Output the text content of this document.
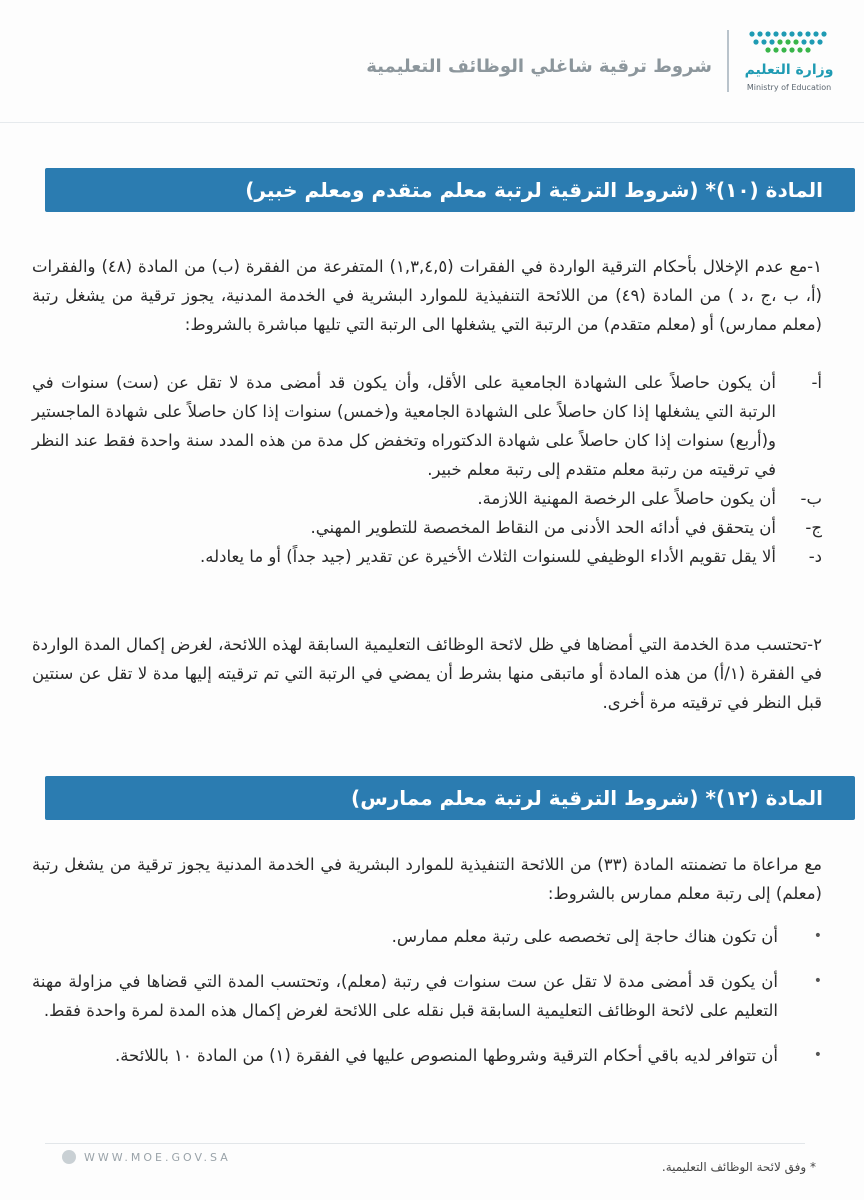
وزارة التعليم
Ministry of Education
شروط ترقية شاغلي الوظائف التعليمية
المادة (١٠)* (شروط الترقية لرتبة معلم متقدم ومعلم خبير)
١-مع عدم الإخلال بأحكام الترقية الواردة في الفقرات (١,٣,٤,٥) المتفرعة من الفقرة (ب) من المادة (٤٨) والفقرات (أ، ب ،ج ،د ) من المادة (٤٩) من اللائحة التنفيذية للموارد البشرية في الخدمة المدنية، يجوز ترقية من يشغل رتبة (معلم ممارس) أو (معلم متقدم) من الرتبة التي يشغلها الى الرتبة التي تليها مباشرة بالشروط:
أ-
أن يكون حاصلاً على الشهادة الجامعية على الأقل، وأن يكون قد أمضى مدة لا تقل عن (ست) سنوات في الرتبة التي يشغلها إذا كان حاصلاً على الشهادة الجامعية و(خمس) سنوات إذا كان حاصلاً على شهادة الماجستير و(أربع) سنوات إذا كان حاصلاً على شهادة الدكتوراه وتخفض كل مدة من هذه المدد سنة واحدة فقط عند النظر في ترقيته من رتبة معلم متقدم إلى رتبة معلم خبير.
ب-
أن يكون حاصلاً على الرخصة المهنية اللازمة.
ج-
أن يتحقق في أدائه الحد الأدنى من النقاط المخصصة للتطوير المهني.
د-
ألا يقل تقويم الأداء الوظيفي للسنوات الثلاث الأخيرة عن تقدير (جيد جداً) أو ما يعادله.
٢-تحتسب مدة الخدمة التي أمضاها في ظل لائحة الوظائف التعليمية السابقة لهذه اللائحة، لغرض إكمال المدة الواردة في الفقرة (١/أ) من هذه المادة أو ماتبقى منها بشرط أن يمضي في الرتبة التي تم ترقيته إليها مدة لا تقل عن سنتين قبل النظر في ترقيته مرة أخرى.
المادة (١٢)* (شروط الترقية لرتبة معلم ممارس)
مع مراعاة ما تضمنته المادة (٣٣) من اللائحة التنفيذية للموارد البشرية في الخدمة المدنية يجوز ترقية من يشغل رتبة (معلم) إلى رتبة معلم ممارس بالشروط:
•
أن تكون هناك حاجة إلى تخصصه على رتبة معلم ممارس.
•
أن يكون قد أمضى مدة لا تقل عن ست سنوات في رتبة (معلم)، وتحتسب المدة التي قضاها في مزاولة مهنة التعليم على لائحة الوظائف التعليمية السابقة قبل نقله على اللائحة لغرض إكمال هذه المدة لمرة واحدة فقط.
•
أن تتوافر لديه باقي أحكام الترقية وشروطها المنصوص عليها في الفقرة (١) من المادة ١٠ باللائحة.
WWW.MOE.GOV.SA
* وفق لائحة الوظائف التعليمية.
